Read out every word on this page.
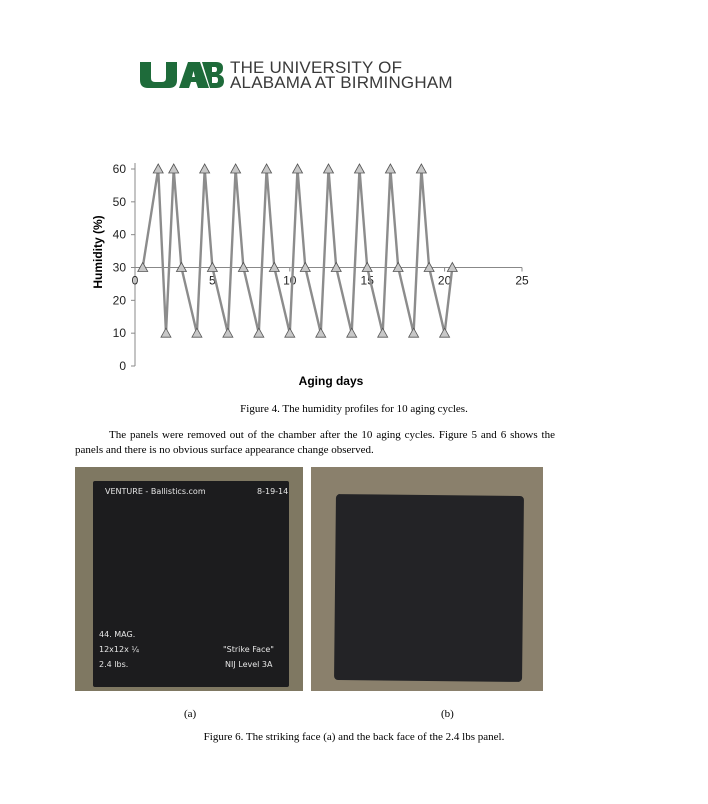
THE UNIVERSITY OF
ALABAMA AT BIRMINGHAM
0
10
20
30
40
50
60
0	5	10	15	20	25
Humidity (%)
Aging days
Figure 4. The humidity profiles for 10 aging cycles.
The panels were removed out of the chamber after the 10 aging cycles. Figure 5 and 6 shows the panels and there is no obvious surface appearance change observed.
VENTURE - Ballistics.com	8-19-14
44. MAG.
12x12x ¼
2.4 lbs.
"Strike Face"
NIJ Level 3A
(a)	(b)
Figure 6. The striking face (a) and the back face of the 2.4 lbs panel.
